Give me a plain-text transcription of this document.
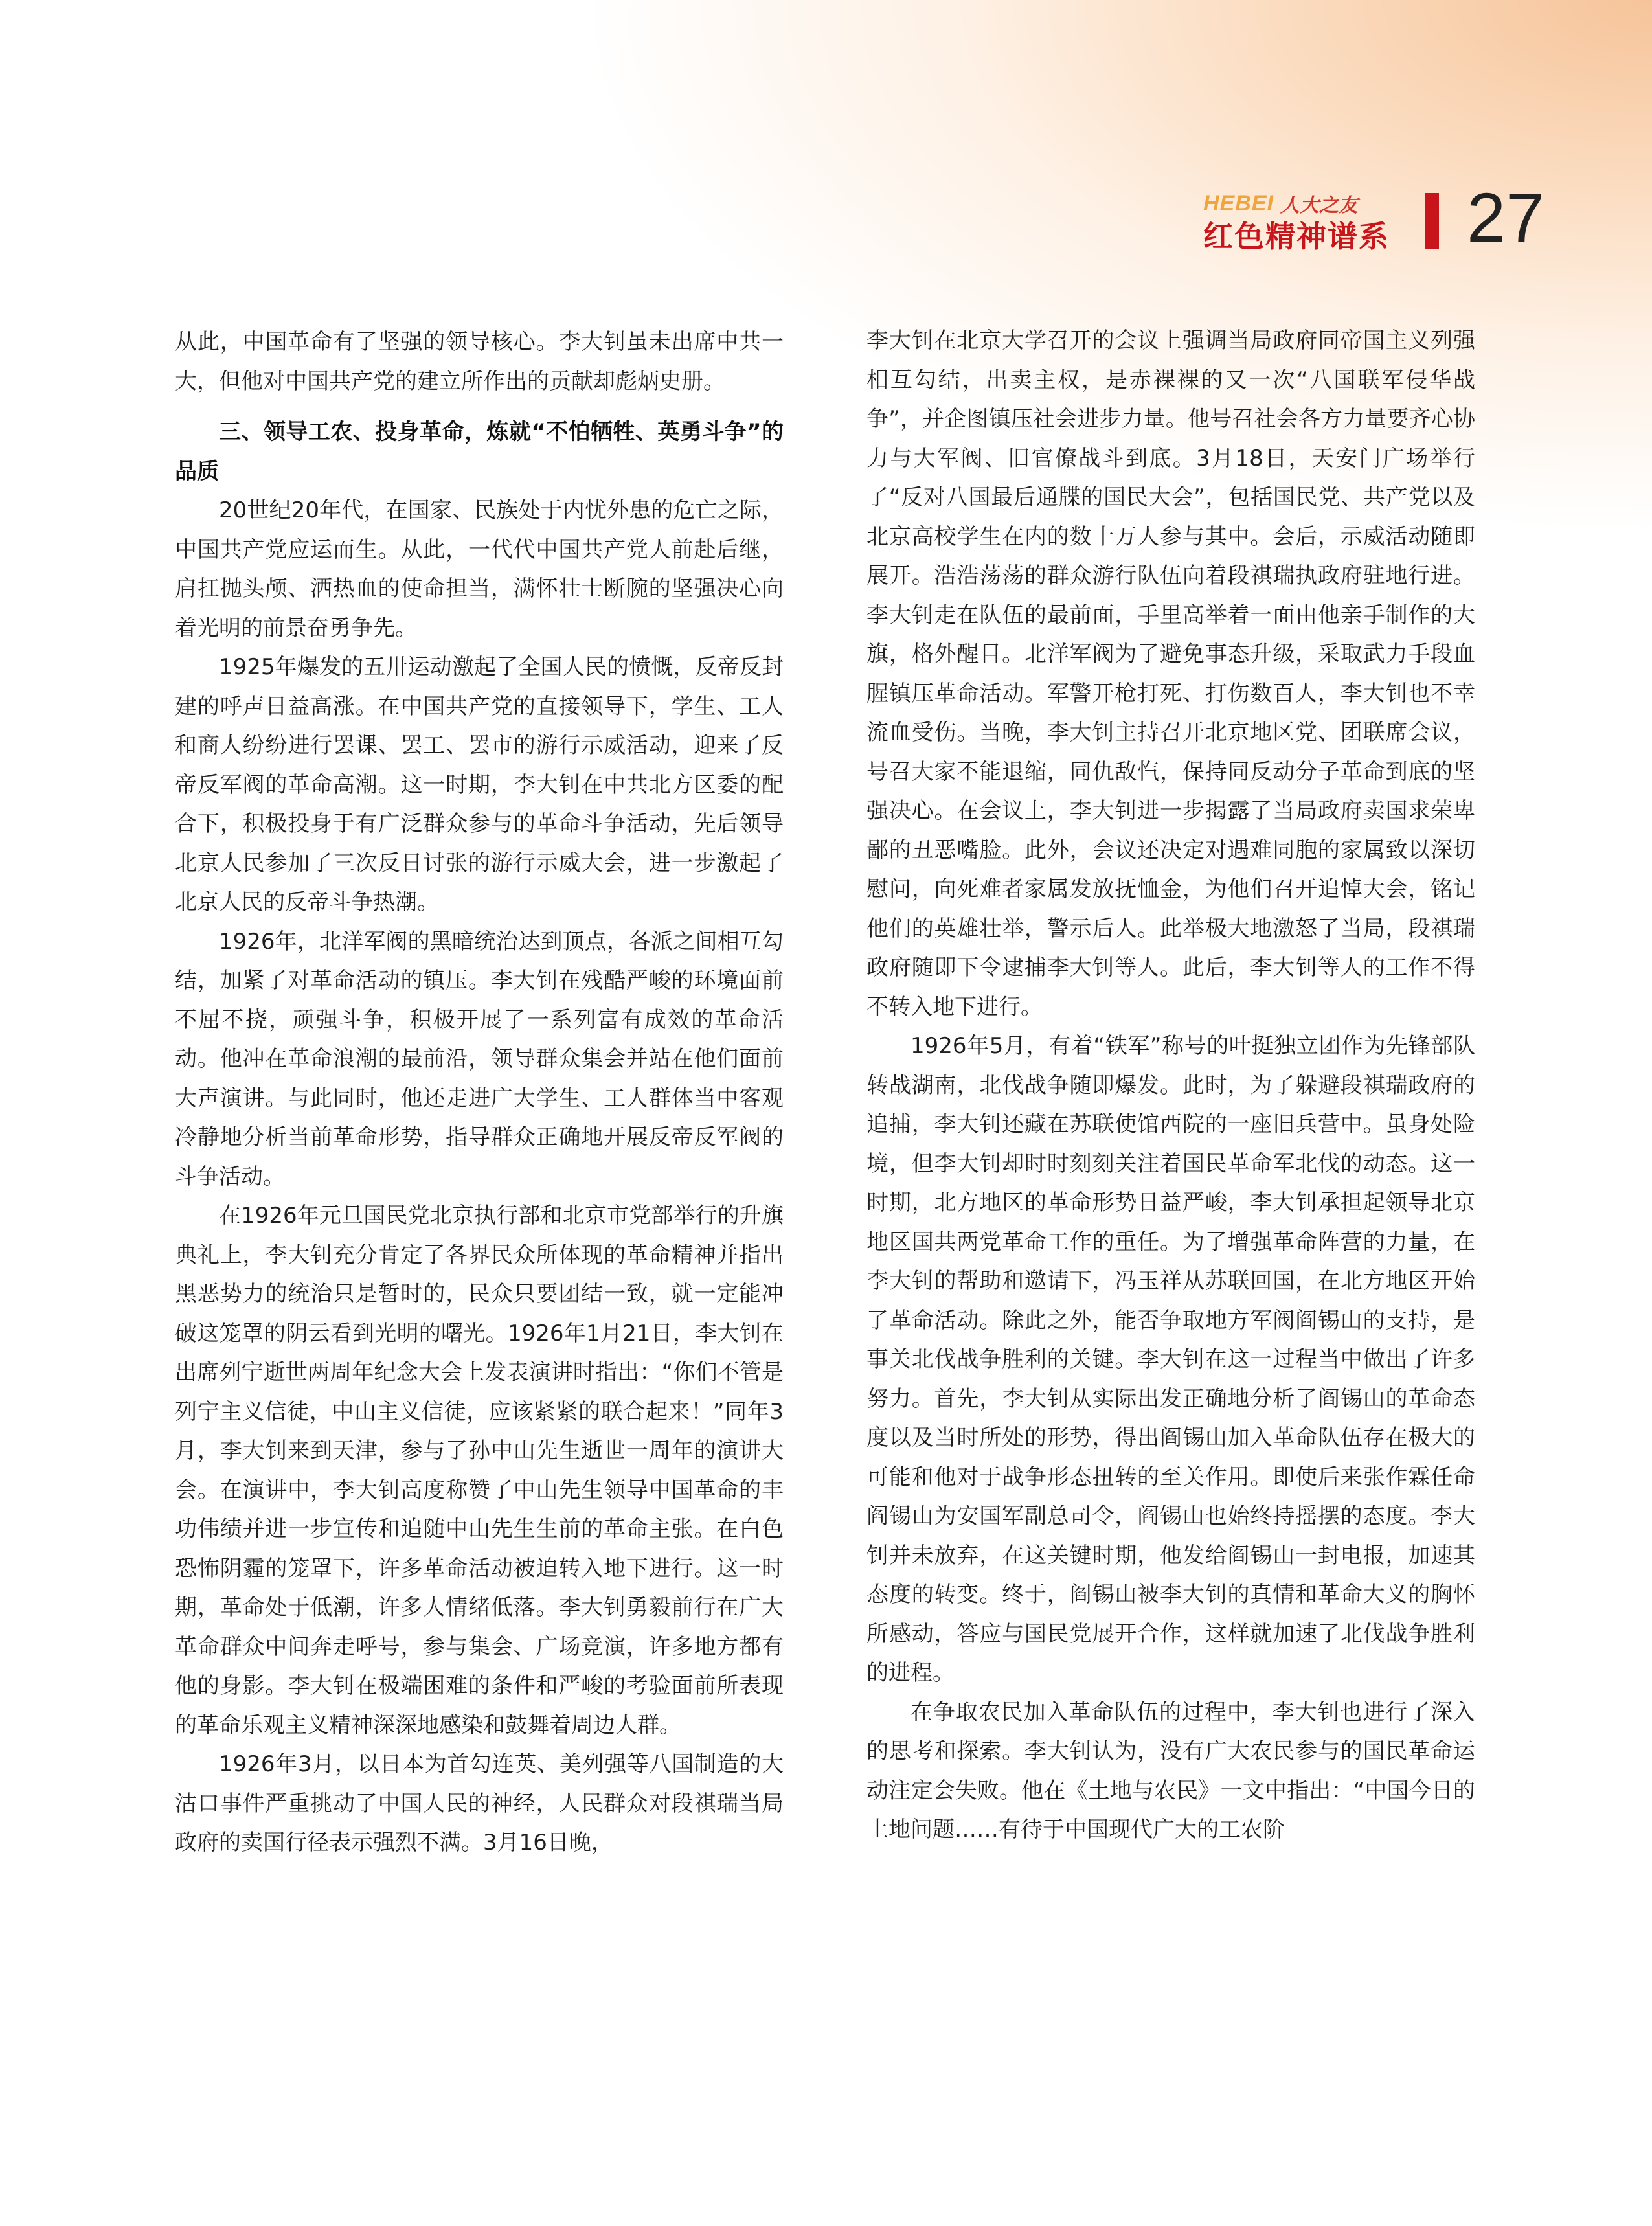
HEBEI 人大之友
红色精神谱系 27

从此，中国革命有了坚强的领导核心。李大钊虽未出席中共一大，但他对中国共产党的建立所作出的贡献却彪炳史册。

三、领导工农、投身革命，炼就“不怕牺牲、英勇斗争”的品质

20世纪20年代，在国家、民族处于内忧外患的危亡之际，中国共产党应运而生。从此，一代代中国共产党人前赴后继，肩扛抛头颅、洒热血的使命担当，满怀壮士断腕的坚强决心向着光明的前景奋勇争先。

1925年爆发的五卅运动激起了全国人民的愤慨，反帝反封建的呼声日益高涨。在中国共产党的直接领导下，学生、工人和商人纷纷进行罢课、罢工、罢市的游行示威活动，迎来了反帝反军阀的革命高潮。这一时期，李大钊在中共北方区委的配合下，积极投身于有广泛群众参与的革命斗争活动，先后领导北京人民参加了三次反日讨张的游行示威大会，进一步激起了北京人民的反帝斗争热潮。

1926年，北洋军阀的黑暗统治达到顶点，各派之间相互勾结，加紧了对革命活动的镇压。李大钊在残酷严峻的环境面前不屈不挠，顽强斗争，积极开展了一系列富有成效的革命活动。他冲在革命浪潮的最前沿，领导群众集会并站在他们面前大声演讲。与此同时，他还走进广大学生、工人群体当中客观冷静地分析当前革命形势，指导群众正确地开展反帝反军阀的斗争活动。

在1926年元旦国民党北京执行部和北京市党部举行的升旗典礼上，李大钊充分肯定了各界民众所体现的革命精神并指出黑恶势力的统治只是暂时的，民众只要团结一致，就一定能冲破这笼罩的阴云看到光明的曙光。1926年1月21日，李大钊在出席列宁逝世两周年纪念大会上发表演讲时指出：“你们不管是列宁主义信徒，中山主义信徒，应该紧紧的联合起来！”同年3月，李大钊来到天津，参与了孙中山先生逝世一周年的演讲大会。在演讲中，李大钊高度称赞了中山先生领导中国革命的丰功伟绩并进一步宣传和追随中山先生生前的革命主张。在白色恐怖阴霾的笼罩下，许多革命活动被迫转入地下进行。这一时期，革命处于低潮，许多人情绪低落。李大钊勇毅前行在广大革命群众中间奔走呼号，参与集会、广场竞演，许多地方都有他的身影。李大钊在极端困难的条件和严峻的考验面前所表现的革命乐观主义精神深深地感染和鼓舞着周边人群。

1926年3月，以日本为首勾连英、美列强等八国制造的大沽口事件严重挑动了中国人民的神经，人民群众对段祺瑞当局政府的卖国行径表示强烈不满。3月16日晚，

李大钊在北京大学召开的会议上强调当局政府同帝国主义列强相互勾结，出卖主权，是赤裸裸的又一次“八国联军侵华战争”，并企图镇压社会进步力量。他号召社会各方力量要齐心协力与大军阀、旧官僚战斗到底。3月18日，天安门广场举行了“反对八国最后通牒的国民大会”，包括国民党、共产党以及北京高校学生在内的数十万人参与其中。会后，示威活动随即展开。浩浩荡荡的群众游行队伍向着段祺瑞执政府驻地行进。李大钊走在队伍的最前面，手里高举着一面由他亲手制作的大旗，格外醒目。北洋军阀为了避免事态升级，采取武力手段血腥镇压革命活动。军警开枪打死、打伤数百人，李大钊也不幸流血受伤。当晚，李大钊主持召开北京地区党、团联席会议，号召大家不能退缩，同仇敌忾，保持同反动分子革命到底的坚强决心。在会议上，李大钊进一步揭露了当局政府卖国求荣卑鄙的丑恶嘴脸。此外，会议还决定对遇难同胞的家属致以深切慰问，向死难者家属发放抚恤金，为他们召开追悼大会，铭记他们的英雄壮举，警示后人。此举极大地激怒了当局，段祺瑞政府随即下令逮捕李大钊等人。此后，李大钊等人的工作不得不转入地下进行。

1926年5月，有着“铁军”称号的叶挺独立团作为先锋部队转战湖南，北伐战争随即爆发。此时，为了躲避段祺瑞政府的追捕，李大钊还藏在苏联使馆西院的一座旧兵营中。虽身处险境，但李大钊却时时刻刻关注着国民革命军北伐的动态。这一时期，北方地区的革命形势日益严峻，李大钊承担起领导北京地区国共两党革命工作的重任。为了增强革命阵营的力量，在李大钊的帮助和邀请下，冯玉祥从苏联回国，在北方地区开始了革命活动。除此之外，能否争取地方军阀阎锡山的支持，是事关北伐战争胜利的关键。李大钊在这一过程当中做出了许多努力。首先，李大钊从实际出发正确地分析了阎锡山的革命态度以及当时所处的形势，得出阎锡山加入革命队伍存在极大的可能和他对于战争形态扭转的至关作用。即使后来张作霖任命阎锡山为安国军副总司令，阎锡山也始终持摇摆的态度。李大钊并未放弃，在这关键时期，他发给阎锡山一封电报，加速其态度的转变。终于，阎锡山被李大钊的真情和革命大义的胸怀所感动，答应与国民党展开合作，这样就加速了北伐战争胜利的进程。

在争取农民加入革命队伍的过程中，李大钊也进行了深入的思考和探索。李大钊认为，没有广大农民参与的国民革命运动注定会失败。他在《土地与农民》一文中指出：“中国今日的土地问题……有待于中国现代广大的工农阶
